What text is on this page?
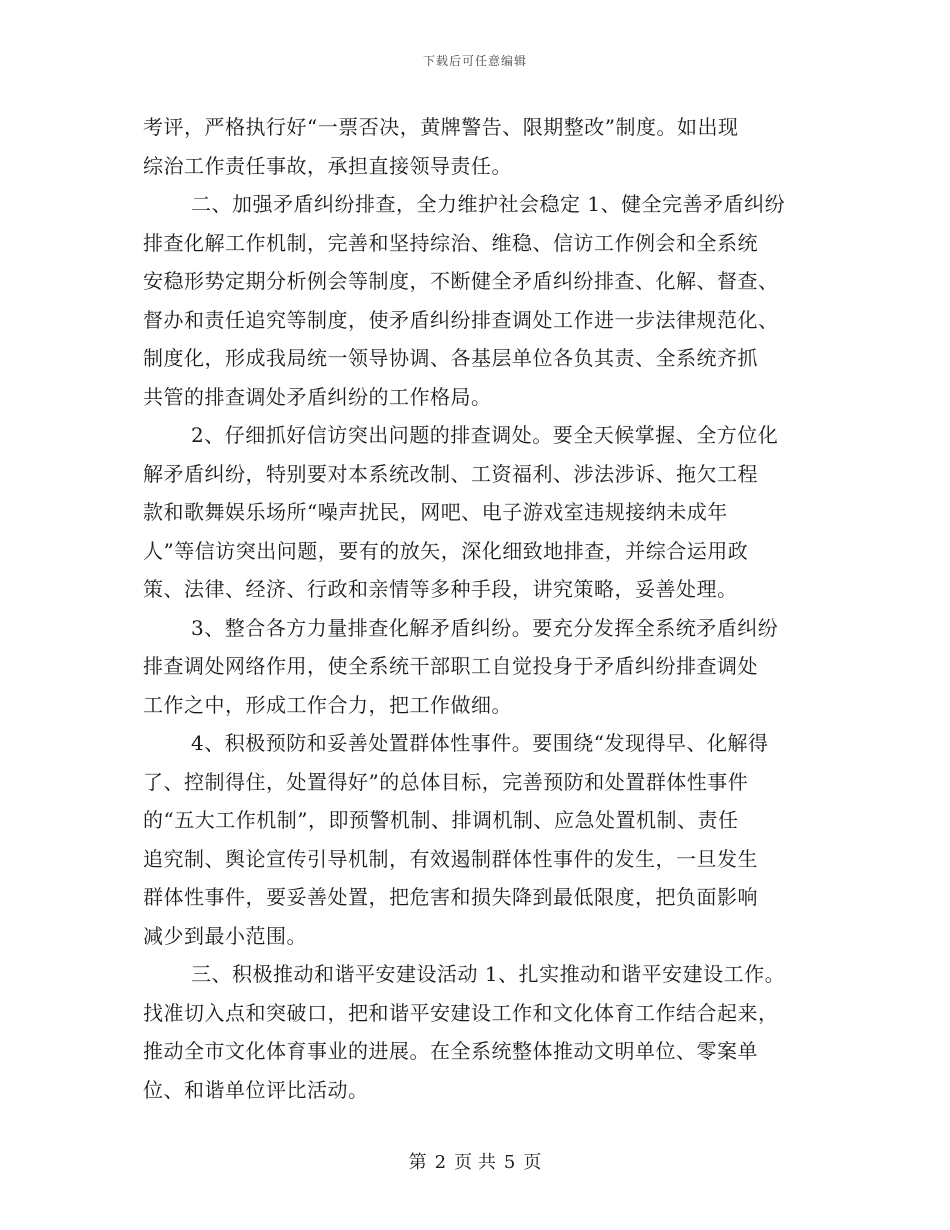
下载后可任意编辑
考评，严格执行好“一票否决，黄牌警告、限期整改”制度。如出现
综治工作责任事故，承担直接领导责任。
二、加强矛盾纠纷排查，全力维护社会稳定 1、健全完善矛盾纠纷
排查化解工作机制，完善和坚持综治、维稳、信访工作例会和全系统
安稳形势定期分析例会等制度，不断健全矛盾纠纷排查、化解、督查、
督办和责任追究等制度，使矛盾纠纷排查调处工作进一步法律规范化、
制度化，形成我局统一领导协调、各基层单位各负其责、全系统齐抓
共管的排查调处矛盾纠纷的工作格局。
2、仔细抓好信访突出问题的排查调处。要全天候掌握、全方位化
解矛盾纠纷，特别要对本系统改制、工资福利、涉法涉诉、拖欠工程
款和歌舞娱乐场所“噪声扰民，网吧、电子游戏室违规接纳未成年
人”等信访突出问题，要有的放矢，深化细致地排查，并综合运用政
策、法律、经济、行政和亲情等多种手段，讲究策略，妥善处理。
3、整合各方力量排查化解矛盾纠纷。要充分发挥全系统矛盾纠纷
排查调处网络作用，使全系统干部职工自觉投身于矛盾纠纷排查调处
工作之中，形成工作合力，把工作做细。
4、积极预防和妥善处置群体性事件。要围绕“发现得早、化解得
了、控制得住，处置得好”的总体目标，完善预防和处置群体性事件
的“五大工作机制”，即预警机制、排调机制、应急处置机制、责任
追究制、舆论宣传引导机制，有效遏制群体性事件的发生，一旦发生
群体性事件，要妥善处置，把危害和损失降到最低限度，把负面影响
减少到最小范围。
三、积极推动和谐平安建设活动 1、扎实推动和谐平安建设工作。
找准切入点和突破口，把和谐平安建设工作和文化体育工作结合起来，
推动全市文化体育事业的进展。在全系统整体推动文明单位、零案单
位、和谐单位评比活动。
第 2 页 共 5 页
